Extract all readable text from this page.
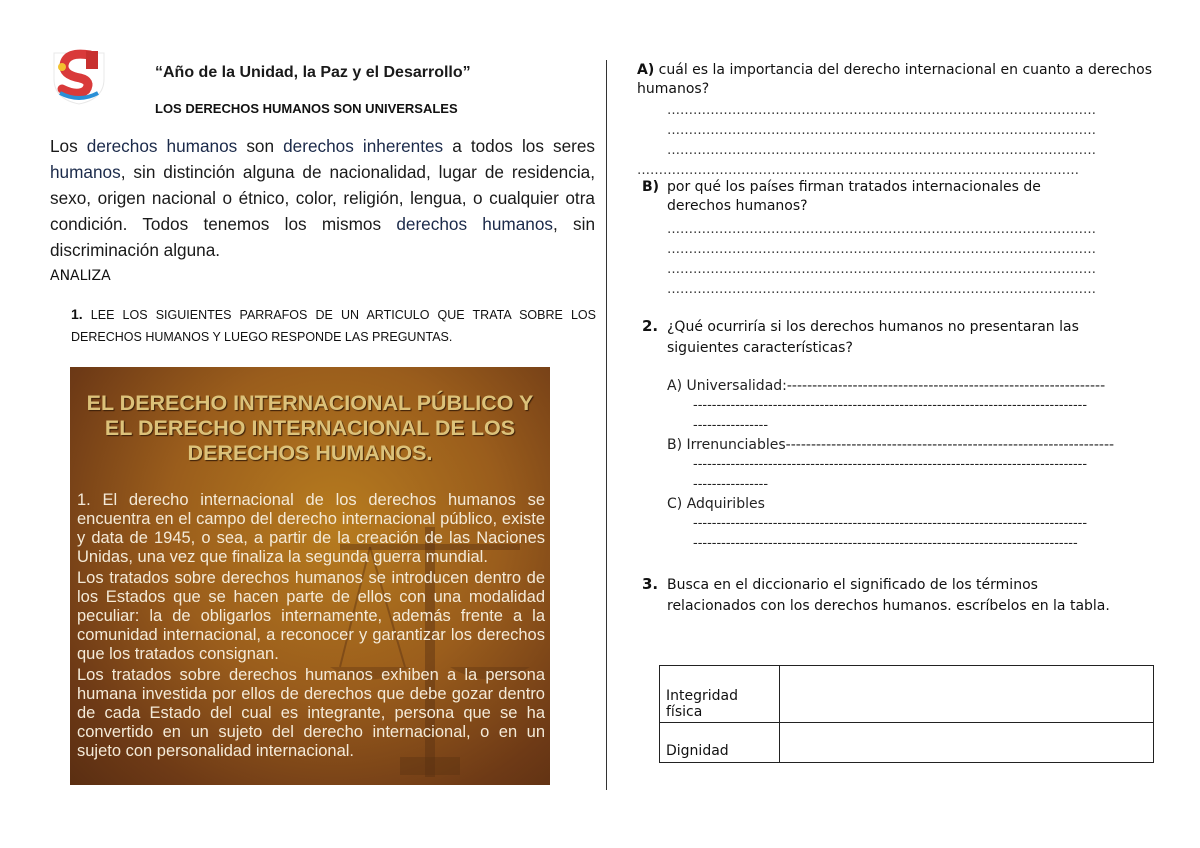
“Año de la Unidad, la Paz y el Desarrollo”
LOS DERECHOS HUMANOS SON UNIVERSALES
Los derechos humanos son derechos inherentes a todos los seres humanos, sin distinción alguna de nacionalidad, lugar de residencia, sexo, origen nacional o étnico, color, religión, lengua, o cualquier otra condición. Todos tenemos los mismos derechos humanos, sin discriminación alguna.
ANALIZA
1. LEE LOS SIGUIENTES PARRAFOS DE UN ARTICULO QUE TRATA SOBRE LOS DERECHOS HUMANOS Y LUEGO RESPONDE LAS PREGUNTAS.
EL DERECHO INTERNACIONAL PÚBLICO Y EL DERECHO INTERNACIONAL DE LOS DERECHOS HUMANOS.

1. El derecho internacional de los derechos humanos se encuentra en el campo del derecho internacional público, existe y data de 1945, o sea, a partir de la creación de las Naciones Unidas, una vez que finaliza la segunda guerra mundial.

Los tratados sobre derechos humanos se introducen dentro de los Estados que se hacen parte de ellos con una modalidad peculiar: la de obligarlos internamente, además frente a la comunidad internacional, a reconocer y garantizar los derechos que los tratados consignan.

Los tratados sobre derechos humanos exhiben a la persona humana investida por ellos de derechos que debe gozar dentro de cada Estado del cual es integrante, persona que se ha convertido en un sujeto del derecho internacional, o en un sujeto con personalidad internacional.

A) cuál es la importancia del derecho internacional en cuanto a derechos humanos?
………………………………………………………………………………………
………………………………………………………………………………………
………………………………………………………………………………………
…………………………………………………………………………………………
B) por qué los países firman tratados internacionales de derechos humanos?
………………………………………………………………………………………
………………………………………………………………………………………
………………………………………………………………………………………
………………………………………………………………………………………
2. ¿Qué ocurriría si los derechos humanos no presentaran las siguientes características?
A) Universalidad:---------------------------------------------------------------
------------------------------------------------------------------------------------
----------------
B) Irrenunciables-----------------------------------------------------------------
------------------------------------------------------------------------------------
----------------
C) Adquiribles
------------------------------------------------------------------------------------
----------------------------------------------------------------------------------
3. Busca en el diccionario el significado de los términos relacionados con los derechos humanos. escríbelos en la tabla.
Integridad física	
Dignidad	
